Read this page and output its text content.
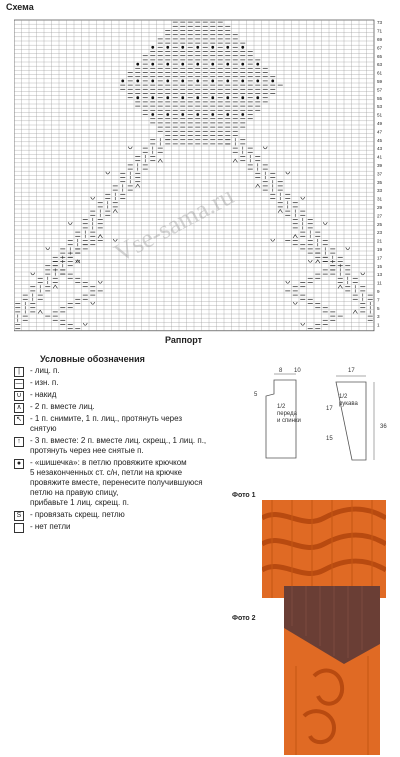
Схема
73
71
69
67
65
63
61
59
57
55
53
51
49
47
45
43
41
39
37
35
33
31
29
27
25
23
21
19
17
15
13
11
9
7
5
3
1
Vse-sama.ru
Раппорт
Условные обозначения
|	- лиц. п.
— - изн. п.
∪	- накид
∧	- 2 п. вместе лиц.
↖ - 1 п. снимите, 1 п. лиц., протянуть через
снятую
↑	- 3 п. вместе: 2 п. вместе лиц. скрещ., 1 лиц. п.,
протянуть через нее снятые п.
●	- «шишечка»: в петлю провяжите крючком
5 незаконченных ст. с/н, петли на крючке
провяжите вместе, перенесите получившуюся
петлю на правую спицу,
прибавьте 1 лиц. скрещ. п.
S	- провязать скрещ. петлю
- нет петли
8 10
5
1/2
переда
и спинки
17
15
17
1/2
рукава
36
Фото 1
Фото 2
